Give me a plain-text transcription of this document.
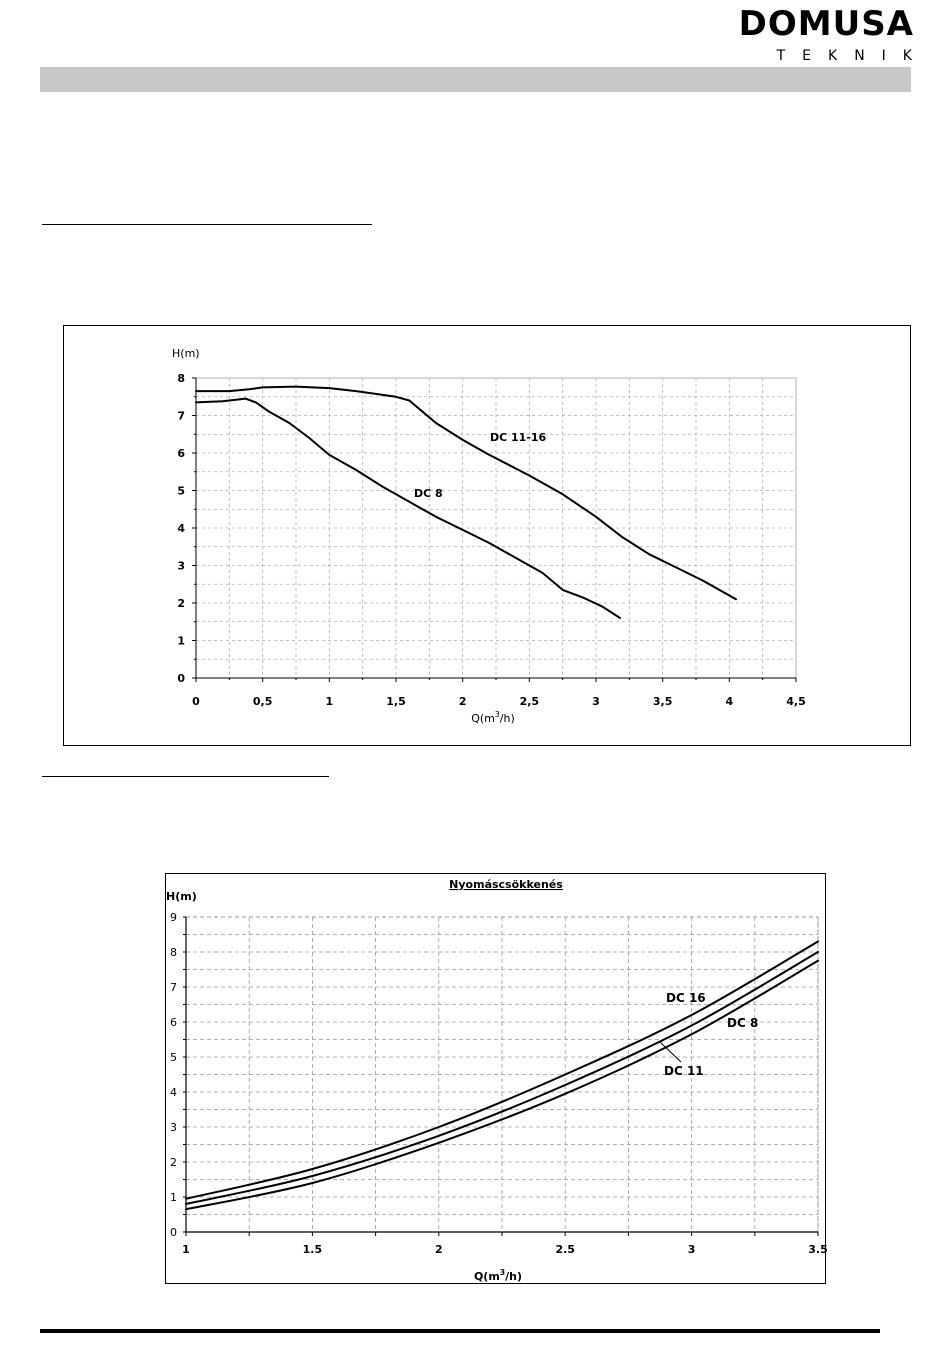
DOMUSA
TEKNIK
0
1
2
3
4
5
6
7
8
0	0,5	1	1,5	2	2,5	3	3,5	4	4,5
H(m)
$Q(m^3/h)$
DC 11-16
DC 8
0
1
2
3
4
5
6
7
8
9
1	1.5	2	2.5	3	3.5
H(m)
Nyomáscsökkenés
$Q(m^3/h)$
DC 16
DC 8
DC 11
